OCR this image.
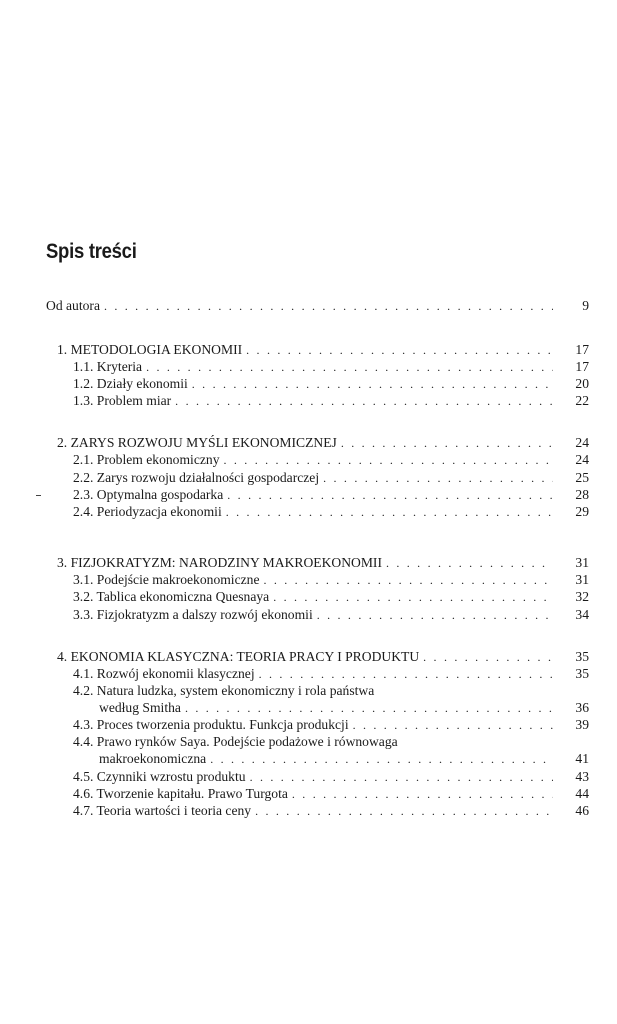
Spis treści
Od autora . . .	9
1. METODOLOGIA EKONOMII . . .	17
1.1. Kryteria . . .	17
1.2. Działy ekonomii . . .	20
1.3. Problem miar . . .	22
2. ZARYS ROZWOJU MYŚLI EKONOMICZNEJ . . .	24
2.1. Problem ekonomiczny . . .	24
2.2. Zarys rozwoju działalności gospodarczej . . .	25
2.3. Optymalna gospodarka . . .	28
2.4. Periodyzacja ekonomii . . .	29
3. FIZJOKRATYZM: NARODZINY MAKROEKONOMII . . .	31
3.1. Podejście makroekonomiczne . . .	31
3.2. Tablica ekonomiczna Quesnaya . . .	32
3.3. Fizjokratyzm a dalszy rozwój ekonomii . . .	34
4. EKONOMIA KLASYCZNA: TEORIA PRACY I PRODUKTU . . .	35
4.1. Rozwój ekonomii klasycznej . . .	35
4.2. Natura ludzka, system ekonomiczny i rola państwa
według Smitha . . .	36
4.3. Proces tworzenia produktu. Funkcja produkcji . . .	39
4.4. Prawo rynków Saya. Podejście podażowe i równowaga
makroekonomiczna . . .	41
4.5. Czynniki wzrostu produktu . . .	43
4.6. Tworzenie kapitału. Prawo Turgota . . .	44
4.7. Teoria wartości i teoria ceny . . .	46
